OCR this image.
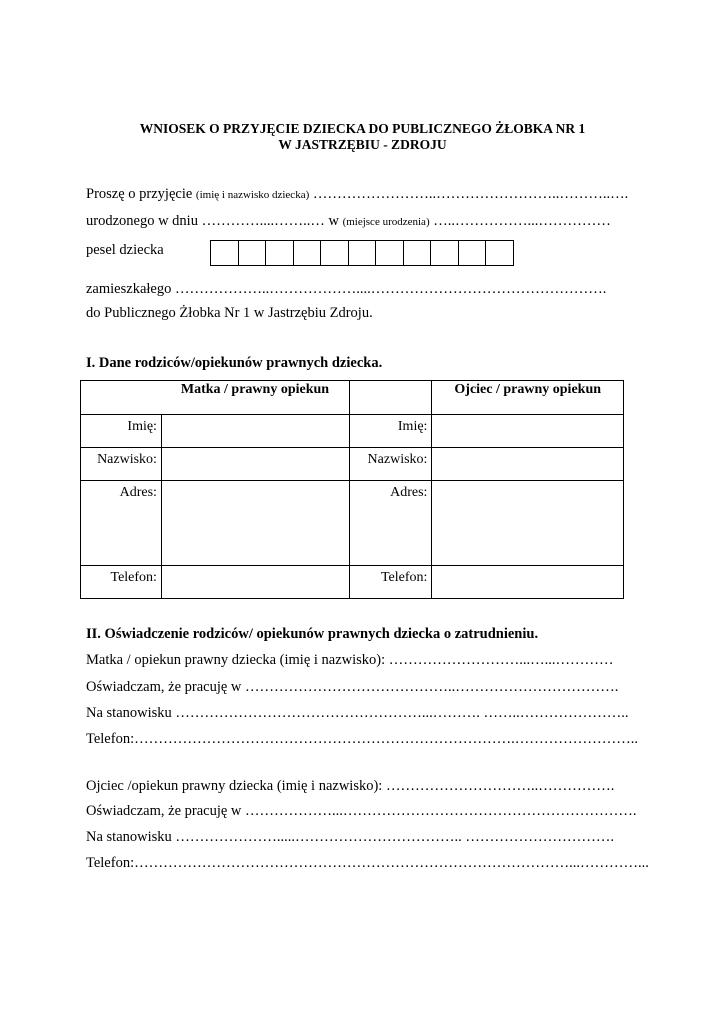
WNIOSEK O PRZYJĘCIE DZIECKA DO PUBLICZNEGO ŻŁOBKA NR 1
W JASTRZĘBIU - ZDROJU
Proszę o przyjęcie (imię i nazwisko dziecka) ……………………..……………………..………..….
urodzonego w dniu …………....……..… w (miejsce urodzenia) …..……………...……………
pesel dziecka
zamieszkałego ………………..………………....………………………………………….
do Publicznego Żłobka Nr 1 w Jastrzębiu Zdroju.
I. Dane rodziców/opiekunów prawnych dziecka.
	Matka / prawny opiekun		Ojciec / prawny opiekun
Imię:		Imię:	
Nazwisko:		Nazwisko:	
Adres:		Adres:	
Telefon:		Telefon:	
II. Oświadczenie rodziców/ opiekunów prawnych dziecka o zatrudnieniu.
Matka / opiekun prawny dziecka (imię i nazwisko): ………………………...…...…………
Oświadczam, że pracuję w ……………………………………..…………………………….
Na stanowisku ……………………………………………...………. ……..…………………..
Telefon:…………………………………………………………………….……………………..
Ojciec /opiekun prawny dziecka (imię i nazwisko): …………………………..…………….
Oświadczam, że pracuję w ………………...…………………………………………………….
Na stanowisku ………………….....…………………………….. ………………………….
Telefon:………………………………………………………………………………...…………...
